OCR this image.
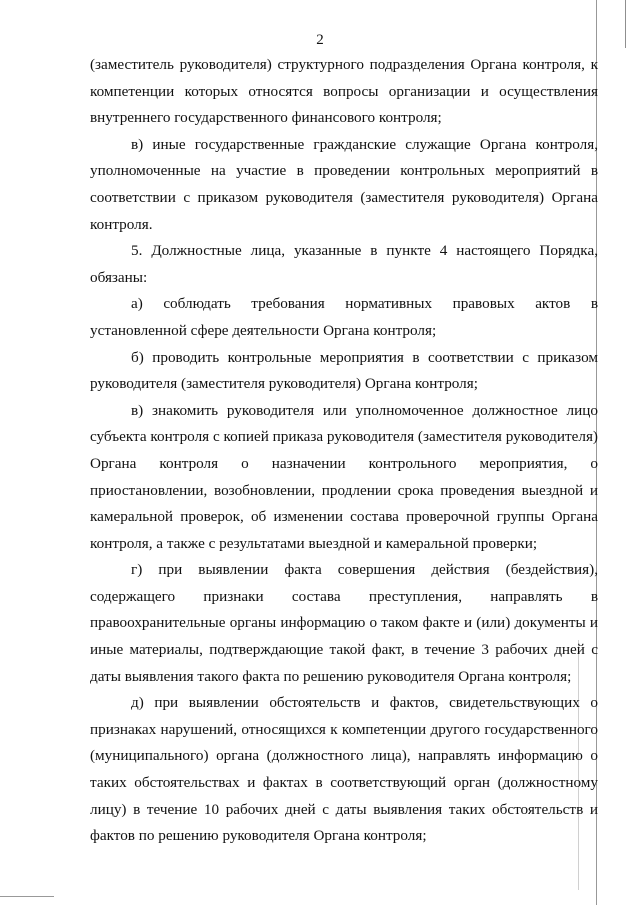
2

(заместитель руководителя) структурного подразделения Органа контроля, к компетенции которых относятся вопросы организации и осуществления внутреннего государственного финансового контроля;

в) иные государственные гражданские служащие Органа контроля, уполномоченные на участие в проведении контрольных мероприятий в соответствии с приказом руководителя (заместителя руководителя) Органа контроля.

5. Должностные лица, указанные в пункте 4 настоящего Порядка, обязаны:

а) соблюдать требования нормативных правовых актов в установленной сфере деятельности Органа контроля;

б) проводить контрольные мероприятия в соответствии с приказом руководителя (заместителя руководителя) Органа контроля;

в) знакомить руководителя или уполномоченное должностное лицо субъекта контроля с копией приказа руководителя (заместителя руководителя) Органа контроля о назначении контрольного мероприятия, о приостановлении, возобновлении, продлении срока проведения выездной и камеральной проверок, об изменении состава проверочной группы Органа контроля, а также с результатами выездной и камеральной проверки;

г) при выявлении факта совершения действия (бездействия), содержащего признаки состава преступления, направлять в правоохранительные органы информацию о таком факте и (или) документы и иные материалы, подтверждающие такой факт, в течение 3 рабочих дней с даты выявления такого факта по решению руководителя Органа контроля;

д) при выявлении обстоятельств и фактов, свидетельствующих о признаках нарушений, относящихся к компетенции другого государственного (муниципального) органа (должностного лица), направлять информацию о таких обстоятельствах и фактах в соответствующий орган (должностному лицу) в течение 10 рабочих дней с даты выявления таких обстоятельств и фактов по решению руководителя Органа контроля;
